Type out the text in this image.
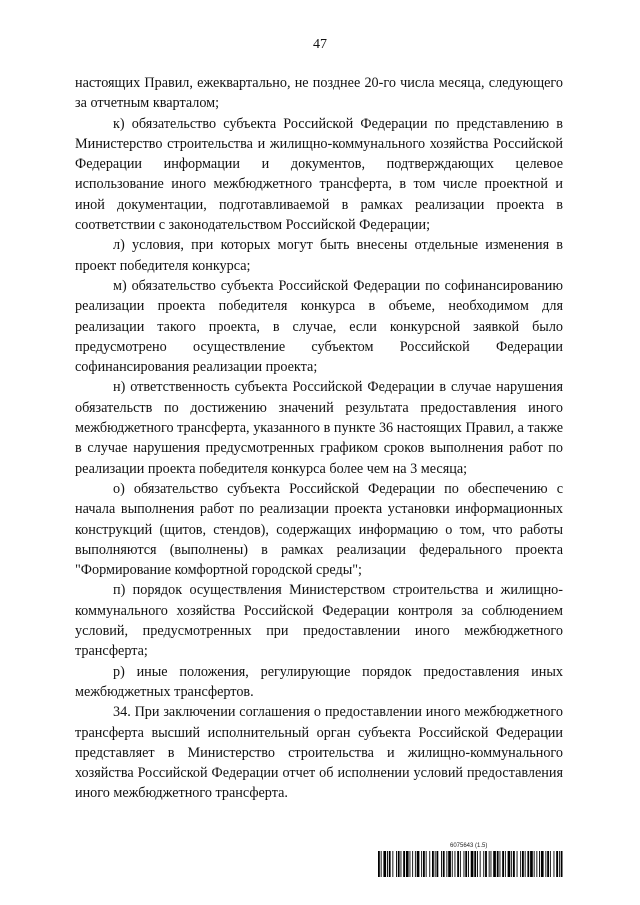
47

настоящих Правил, ежеквартально, не позднее 20-го числа месяца, следующего за отчетным кварталом;

к) обязательство субъекта Российской Федерации по представлению в Министерство строительства и жилищно-коммунального хозяйства Российской Федерации информации и документов, подтверждающих целевое использование иного межбюджетного трансферта, в том числе проектной и иной документации, подготавливаемой в рамках реализации проекта в соответствии с законодательством Российской Федерации;

л) условия, при которых могут быть внесены отдельные изменения в проект победителя конкурса;

м) обязательство субъекта Российской Федерации по софинансированию реализации проекта победителя конкурса в объеме, необходимом для реализации такого проекта, в случае, если конкурсной заявкой было предусмотрено осуществление субъектом Российской Федерации софинансирования реализации проекта;

н) ответственность субъекта Российской Федерации в случае нарушения обязательств по достижению значений результата предоставления иного межбюджетного трансферта, указанного в пункте 36 настоящих Правил, а также в случае нарушения предусмотренных графиком сроков выполнения работ по реализации проекта победителя конкурса более чем на 3 месяца;

о) обязательство субъекта Российской Федерации по обеспечению с начала выполнения работ по реализации проекта установки информационных конструкций (щитов, стендов), содержащих информацию о том, что работы выполняются (выполнены) в рамках реализации федерального проекта "Формирование комфортной городской среды";

п) порядок осуществления Министерством строительства и жилищно-коммунального хозяйства Российской Федерации контроля за соблюдением условий, предусмотренных при предоставлении иного межбюджетного трансферта;

р) иные положения, регулирующие порядок предоставления иных межбюджетных трансфертов.

34. При заключении соглашения о предоставлении иного межбюджетного трансферта высший исполнительный орган субъекта Российской Федерации представляет в Министерство строительства и жилищно-коммунального хозяйства Российской Федерации отчет об исполнении условий предоставления иного межбюджетного трансферта.

6075643 (1.5)
